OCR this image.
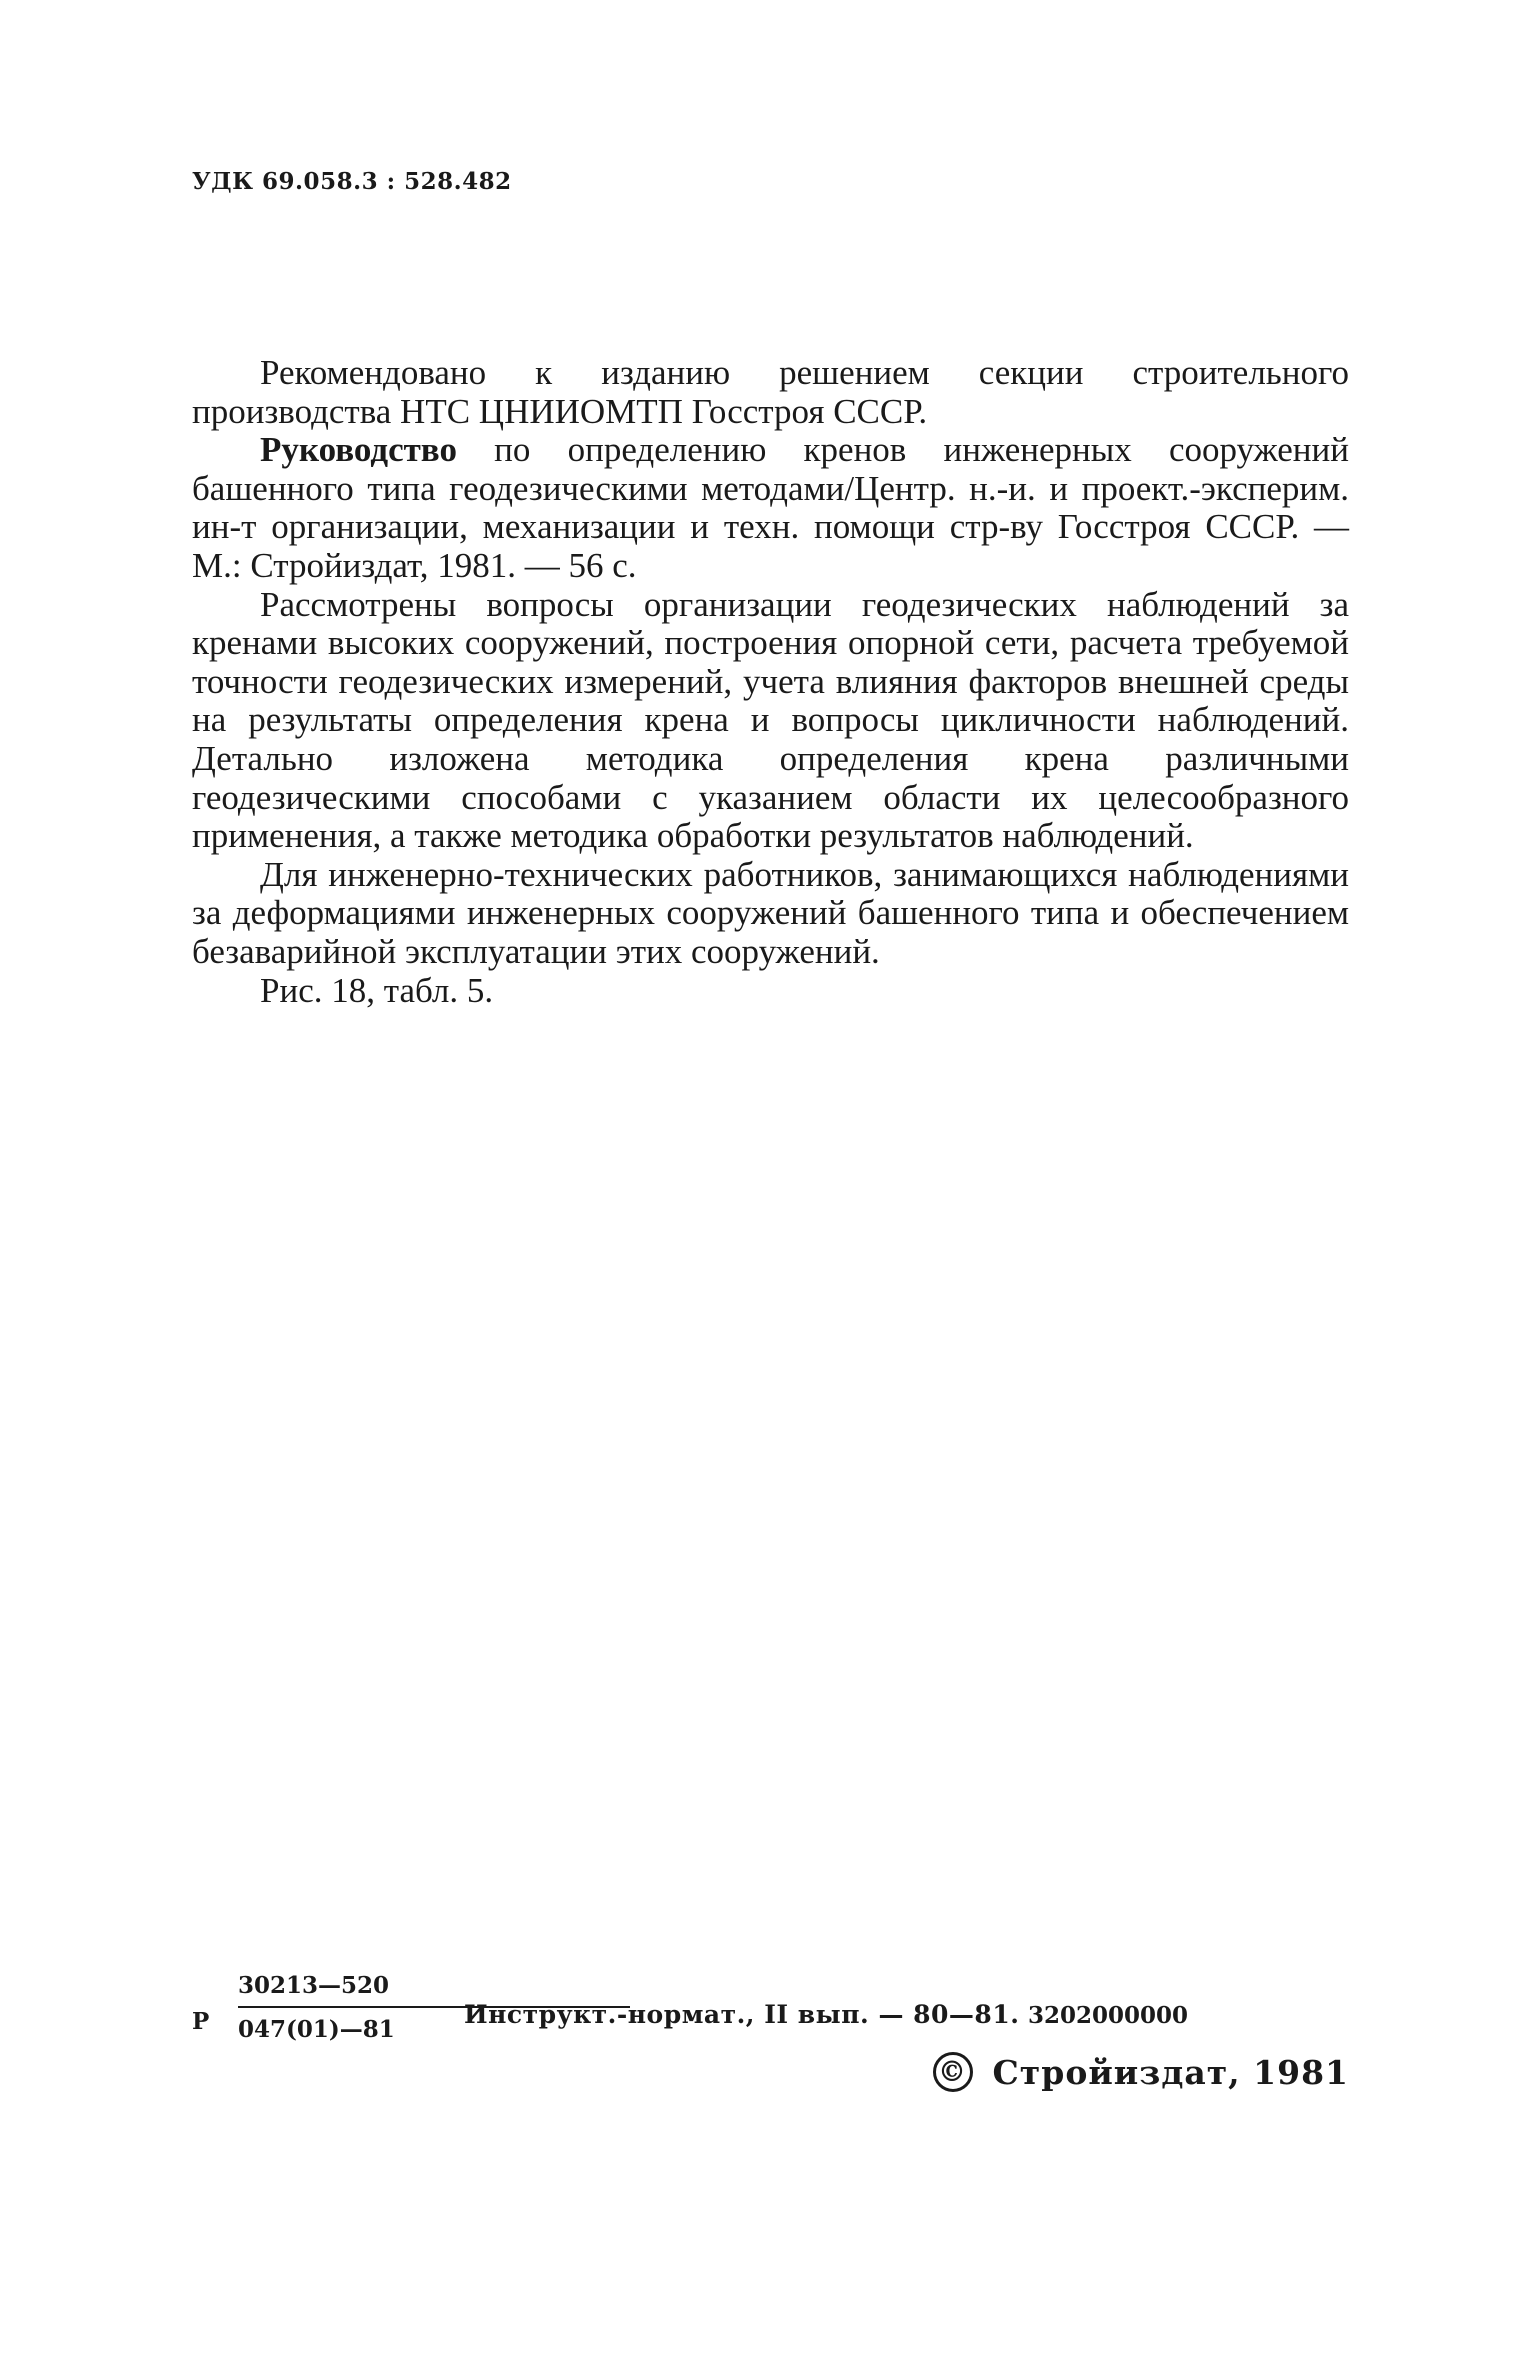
УДК 69.058.3 : 528.482

Рекомендовано к изданию решением секции строительного производства НТС ЦНИИОМТП Госстроя СССР.

Руководство по определению кренов инженерных сооружений башенного типа геодезическими методами/Центр. н.-и. и проект.-эксперим. ин-т организации, механизации и техн. помощи стр-ву Госстроя СССР. — М.: Стройиздат, 1981. — 56 с.

Рассмотрены вопросы организации геодезических наблюдений за кренами высоких сооружений, построения опорной сети, расчета требуемой точности геодезических измерений, учета влияния факторов внешней среды на результаты определения крена и вопросы цикличности наблюдений. Детально изложена методика определения крена различными геодезическими способами с указанием области их целесообразного применения, а также методика обработки результатов наблюдений.

Для инженерно-технических работников, занимающихся наблюдениями за деформациями инженерных сооружений башенного типа и обеспечением безаварийной эксплуатации этих сооружений.

Рис. 18, табл. 5.

Р
30213—520
047(01)—81
Инструкт.-нормат., II вып. — 80—81. 3202000000
© Стройиздат, 1981
